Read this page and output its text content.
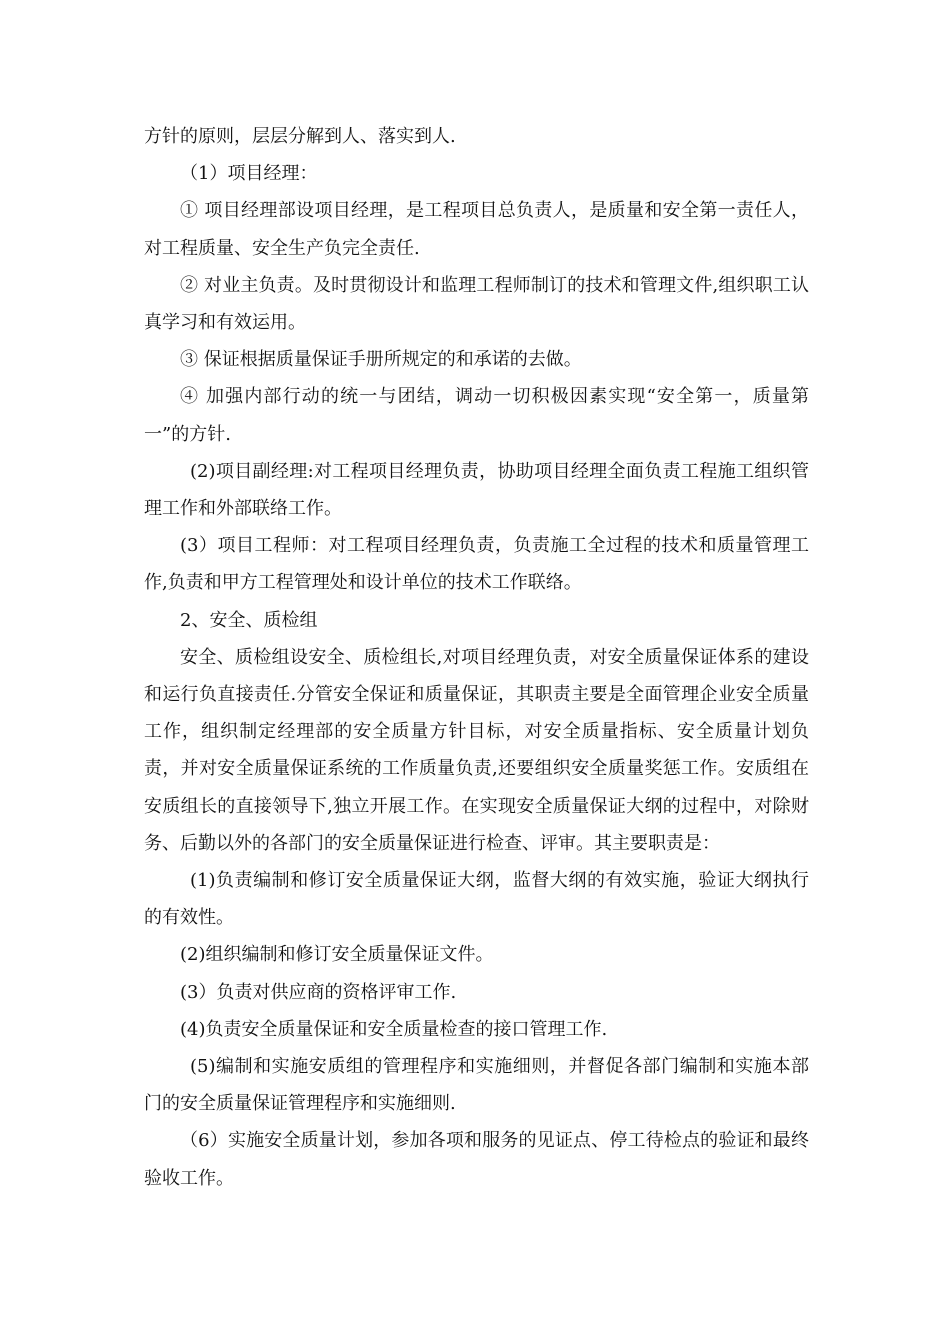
方针的原则，层层分解到人、落实到人.

（1）项目经理：

① 项目经理部设项目经理，是工程项目总负责人，是质量和安全第一责任人，对工程质量、安全生产负完全责任.

② 对业主负责。及时贯彻设计和监理工程师制订的技术和管理文件,组织职工认真学习和有效运用。

③ 保证根据质量保证手册所规定的和承诺的去做。

④ 加强内部行动的统一与团结，调动一切积极因素实现“安全第一，质量第一”的方针.

(2)项目副经理:对工程项目经理负责，协助项目经理全面负责工程施工组织管理工作和外部联络工作。

(3）项目工程师：对工程项目经理负责，负责施工全过程的技术和质量管理工作,负责和甲方工程管理处和设计单位的技术工作联络。

2、安全、质检组

安全、质检组设安全、质检组长,对项目经理负责，对安全质量保证体系的建设和运行负直接责任.分管安全保证和质量保证，其职责主要是全面管理企业安全质量工作，组织制定经理部的安全质量方针目标，对安全质量指标、安全质量计划负责，并对安全质量保证系统的工作质量负责,还要组织安全质量奖惩工作。安质组在安质组长的直接领导下,独立开展工作。在实现安全质量保证大纲的过程中，对除财务、后勤以外的各部门的安全质量保证进行检查、评审。其主要职责是：

(1)负责编制和修订安全质量保证大纲，监督大纲的有效实施，验证大纲执行的有效性。

(2)组织编制和修订安全质量保证文件。

(3）负责对供应商的资格评审工作.

(4)负责安全质量保证和安全质量检查的接口管理工作.

(5)编制和实施安质组的管理程序和实施细则，并督促各部门编制和实施本部门的安全质量保证管理程序和实施细则.

（6）实施安全质量计划，参加各项和服务的见证点、停工待检点的验证和最终验收工作。
